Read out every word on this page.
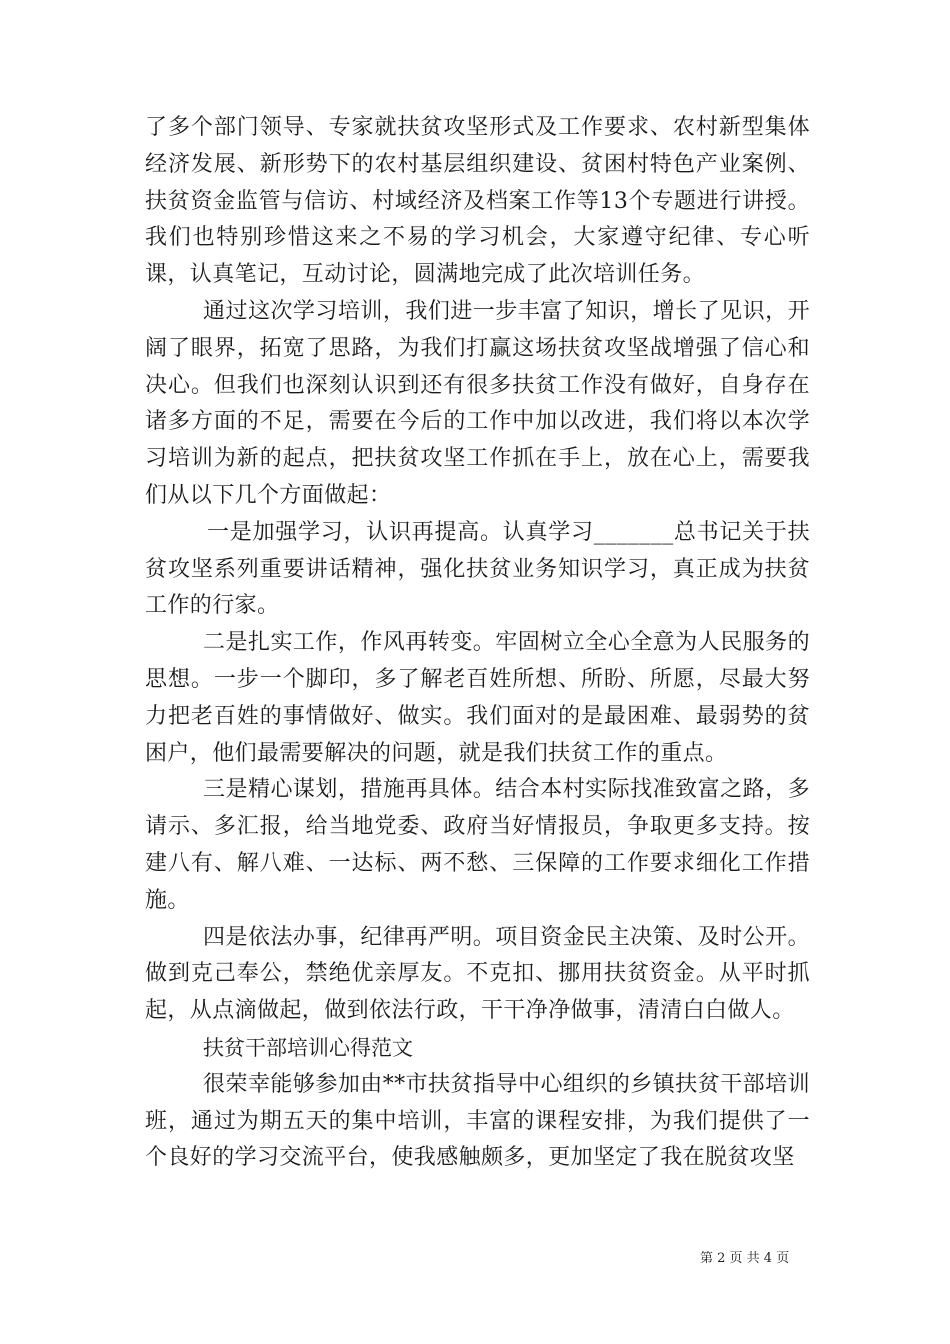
了多个部门领导、专家就扶贫攻坚形式及工作要求、农村新型集体经济发展、新形势下的农村基层组织建设、贫困村特色产业案例、扶贫资金监管与信访、村域经济及档案工作等13个专题进行讲授。我们也特别珍惜这来之不易的学习机会，大家遵守纪律、专心听课，认真笔记，互动讨论，圆满地完成了此次培训任务。

通过这次学习培训，我们进一步丰富了知识，增长了见识，开阔了眼界，拓宽了思路，为我们打赢这场扶贫攻坚战增强了信心和决心。但我们也深刻认识到还有很多扶贫工作没有做好，自身存在诸多方面的不足，需要在今后的工作中加以改进，我们将以本次学习培训为新的起点，把扶贫攻坚工作抓在手上，放在心上，需要我们从以下几个方面做起：

一是加强学习，认识再提高。认真学习_______总书记关于扶贫攻坚系列重要讲话精神，强化扶贫业务知识学习，真正成为扶贫工作的行家。

二是扎实工作，作风再转变。牢固树立全心全意为人民服务的思想。一步一个脚印，多了解老百姓所想、所盼、所愿，尽最大努力把老百姓的事情做好、做实。我们面对的是最困难、最弱势的贫困户，他们最需要解决的问题，就是我们扶贫工作的重点。

三是精心谋划，措施再具体。结合本村实际找准致富之路，多请示、多汇报，给当地党委、政府当好情报员，争取更多支持。按建八有、解八难、一达标、两不愁、三保障的工作要求细化工作措施。

四是依法办事，纪律再严明。项目资金民主决策、及时公开。做到克己奉公，禁绝优亲厚友。不克扣、挪用扶贫资金。从平时抓起，从点滴做起，做到依法行政，干干净净做事，清清白白做人。

扶贫干部培训心得范文

很荣幸能够参加由**市扶贫指导中心组织的乡镇扶贫干部培训班，通过为期五天的集中培训，丰富的课程安排，为我们提供了一个良好的学习交流平台，使我感触颇多，更加坚定了我在脱贫攻坚

第 2 页 共 4 页
